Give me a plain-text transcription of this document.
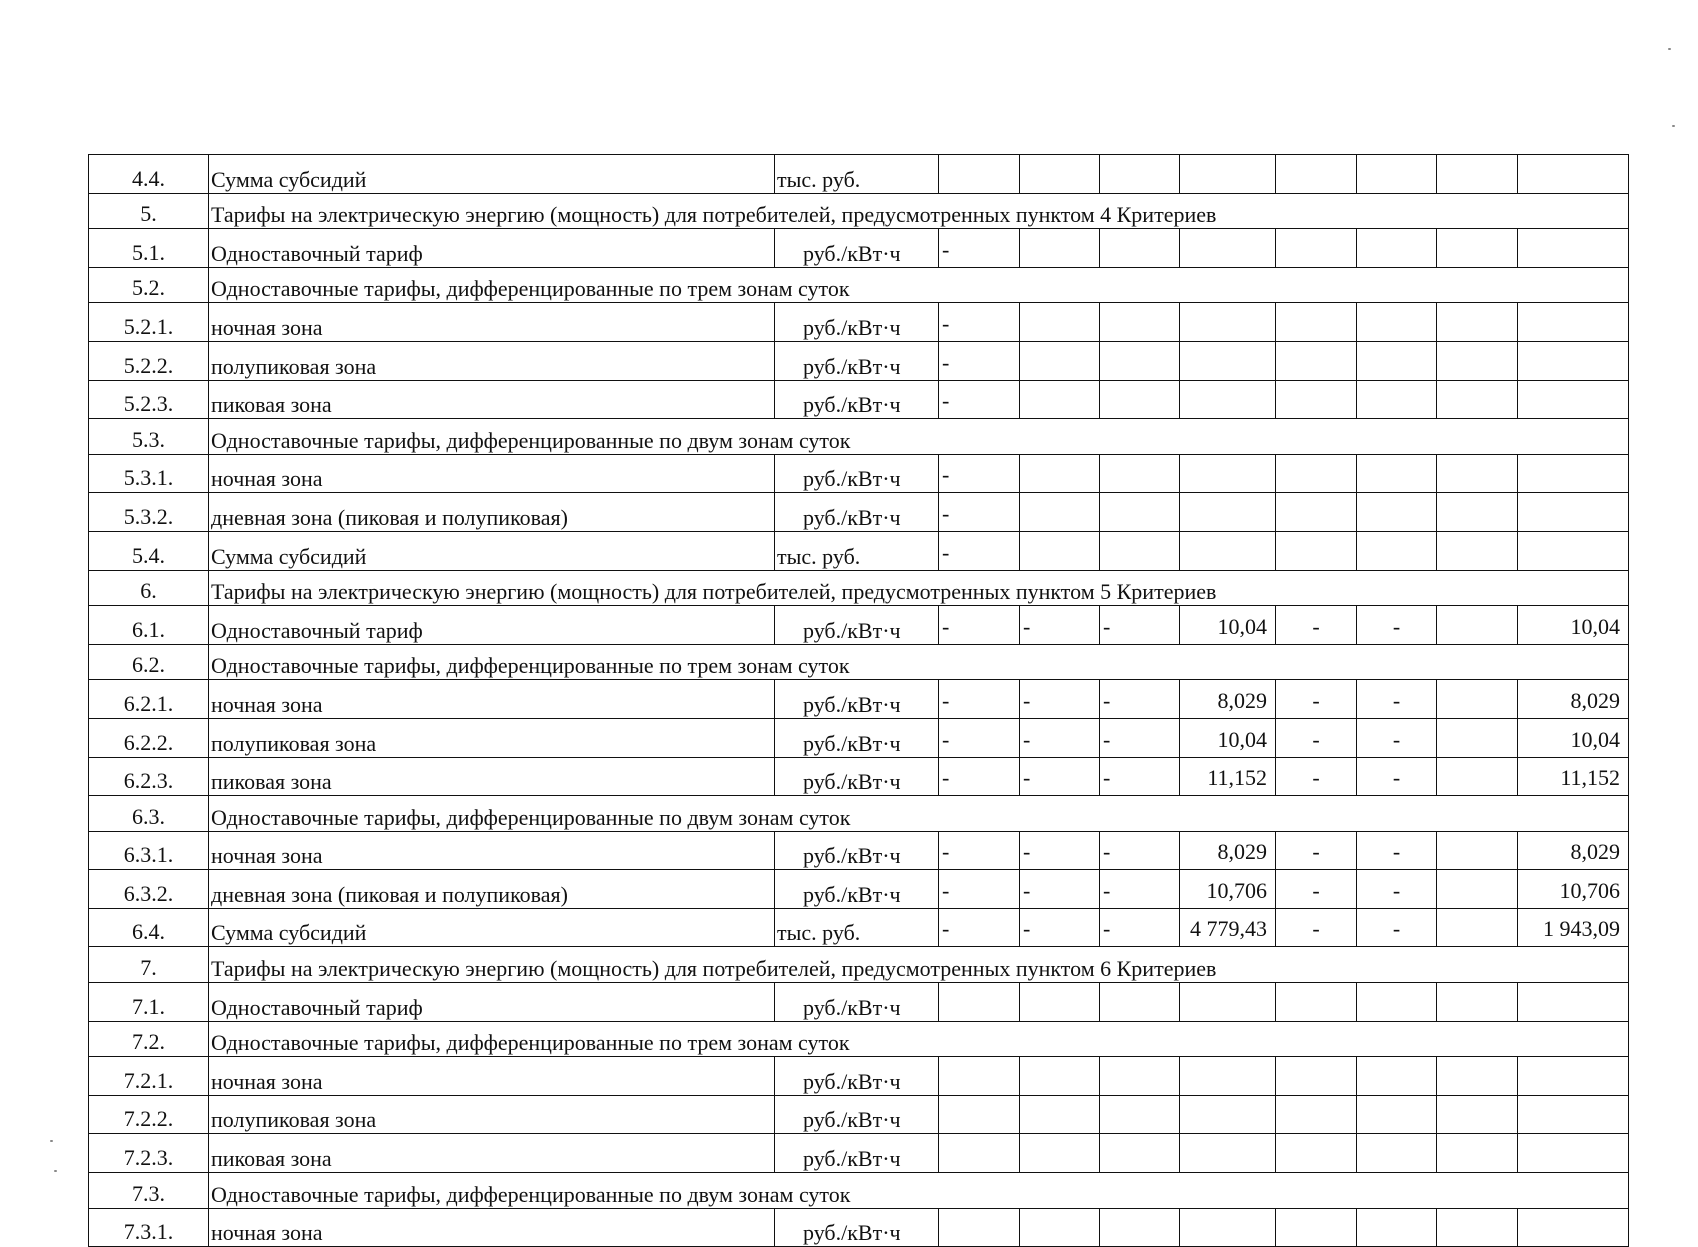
4.4.	Сумма субсидий	тыс. руб.								
5.	Тарифы на электрическую энергию (мощность) для потребителей, предусмотренных пунктом 4 Критериев									
5.1.	Одноставочный тариф	руб./кВт·ч	-							
5.2.	Одноставочные тарифы, дифференцированные по трем зонам суток									
5.2.1.	ночная зона	руб./кВт·ч	-							
5.2.2.	полупиковая зона	руб./кВт·ч	-							
5.2.3.	пиковая зона	руб./кВт·ч	-							
5.3.	Одноставочные тарифы, дифференцированные по двум зонам суток									
5.3.1.	ночная зона	руб./кВт·ч	-							
5.3.2.	дневная зона (пиковая и полупиковая)	руб./кВт·ч	-							
5.4.	Сумма субсидий	тыс. руб.	-							
6.	Тарифы на электрическую энергию (мощность) для потребителей, предусмотренных пунктом 5 Критериев									
6.1.	Одноставочный тариф	руб./кВт·ч	-	-	-	10,04	-	-		10,04
6.2.	Одноставочные тарифы, дифференцированные по трем зонам суток									
6.2.1.	ночная зона	руб./кВт·ч	-	-	-	8,029	-	-		8,029
6.2.2.	полупиковая зона	руб./кВт·ч	-	-	-	10,04	-	-		10,04
6.2.3.	пиковая зона	руб./кВт·ч	-	-	-	11,152	-	-		11,152
6.3.	Одноставочные тарифы, дифференцированные по двум зонам суток									
6.3.1.	ночная зона	руб./кВт·ч	-	-	-	8,029	-	-		8,029
6.3.2.	дневная зона (пиковая и полупиковая)	руб./кВт·ч	-	-	-	10,706	-	-		10,706
6.4.	Сумма субсидий	тыс. руб.	-	-	-	4 779,43	-	-		1 943,09
7.	Тарифы на электрическую энергию (мощность) для потребителей, предусмотренных пунктом 6 Критериев									
7.1.	Одноставочный тариф	руб./кВт·ч								
7.2.	Одноставочные тарифы, дифференцированные по трем зонам суток									
7.2.1.	ночная зона	руб./кВт·ч								
7.2.2.	полупиковая зона	руб./кВт·ч								
7.2.3.	пиковая зона	руб./кВт·ч								
7.3.	Одноставочные тарифы, дифференцированные по двум зонам суток									
7.3.1.	ночная зона	руб./кВт·ч								
